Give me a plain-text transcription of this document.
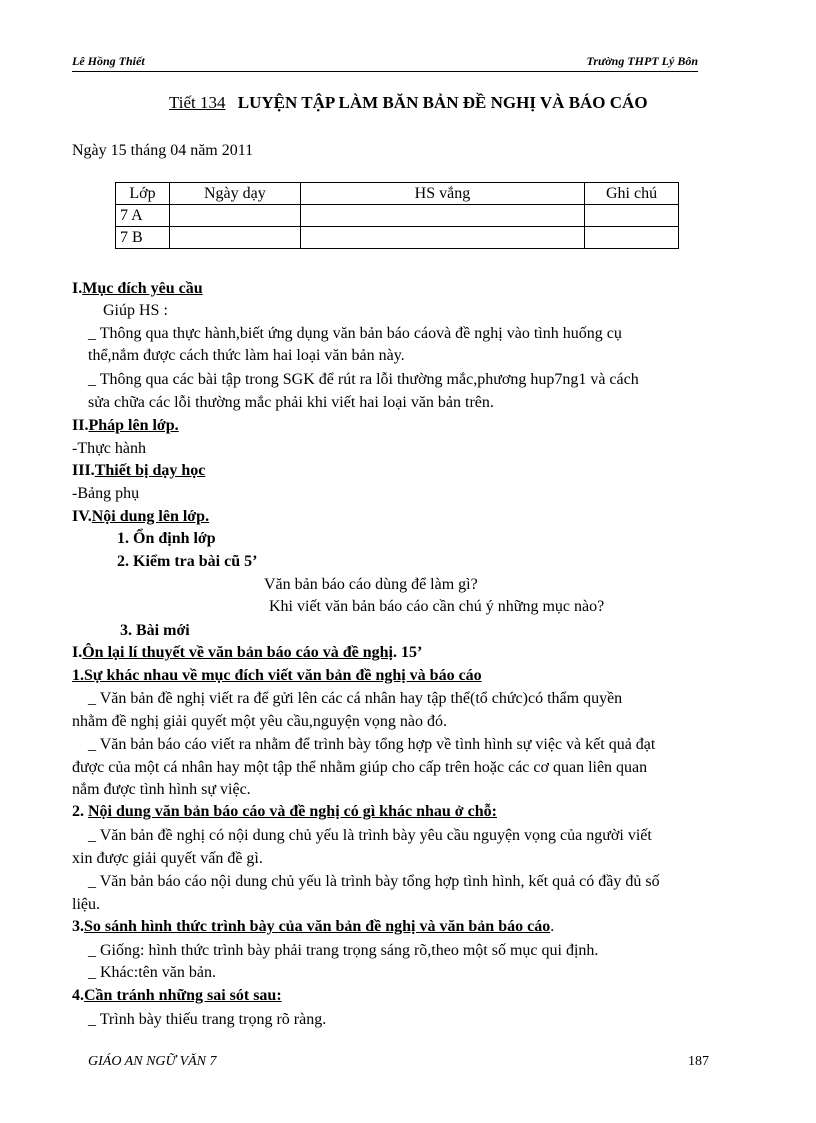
Lê Hồng Thiết	Trường THPT Lý Bôn
Tiết 134 LUYỆN TẬP LÀM BĂN BẢN ĐỀ NGHỊ VÀ BÁO CÁO
Ngày 15 tháng 04 năm 2011
Lớp	Ngày dạy	HS vắng	Ghi chú
7 A			
7 B			
I.Mục đích yêu cầu
Giúp HS :
_ Thông qua thực hành,biết ứng dụng văn bản báo cáovà đề nghị vào tình huống cụ
thể,nắm được cách thức làm hai loại văn bản này.
_ Thông qua các bài tập trong SGK để rút ra lỗi thường mắc,phương hup7ng1 và cách
sửa chữa các lỗi thường mắc phải khi viết hai loại văn bản trên.
II.Pháp lên lớp.
-Thực hành
III.Thiết bị dạy học
-Bảng phụ
IV.Nội dung lên lớp.
1. Ổn định lớp
2. Kiểm tra bài cũ 5’
Văn bản báo cáo dùng để làm gì?
Khi viết văn bản báo cáo cần chú ý những mục nào?
3. Bài mới
I.Ôn lại lí thuyết về văn bản báo cáo và đề nghị. 15’
1.Sự khác nhau về mục đích viết văn bản đề nghị và báo cáo
_ Văn bản đề nghị viết ra để gửi lên các cá nhân hay tập thể(tổ chức)có thẩm quyền
nhằm đề nghị giải quyết một yêu cầu,nguyện vọng nào đó.
_ Văn bản báo cáo viết ra nhằm để trình bày tổng hợp về tình hình sự việc và kết quả đạt
được của một cá nhân hay một tập thể nhằm giúp cho cấp trên hoặc các cơ quan liên quan
nắm được tình hình sự việc.
2. Nội dung văn bản báo cáo và đề nghị có gì khác nhau ở chỗ:
_ Văn bản đề nghị có nội dung chủ yếu là trình bày yêu cầu nguyện vọng của người viết
xin được giải quyết vấn đề gì.
_ Văn bản báo cáo nội dung chủ yếu là trình bày tổng hợp tình hình, kết quả có đầy đủ số
liệu.
3.So sánh hình thức trình bày của văn bản đề nghị và văn bản báo cáo.
_ Giống: hình thức trình bày phải trang trọng sáng rõ,theo một số mục qui định.
_ Khác:tên văn bản.
4.Cần tránh những sai sót sau:
_ Trình bày thiếu trang trọng rõ ràng.
GIÁO AN NGỮ VĂN 7	187
